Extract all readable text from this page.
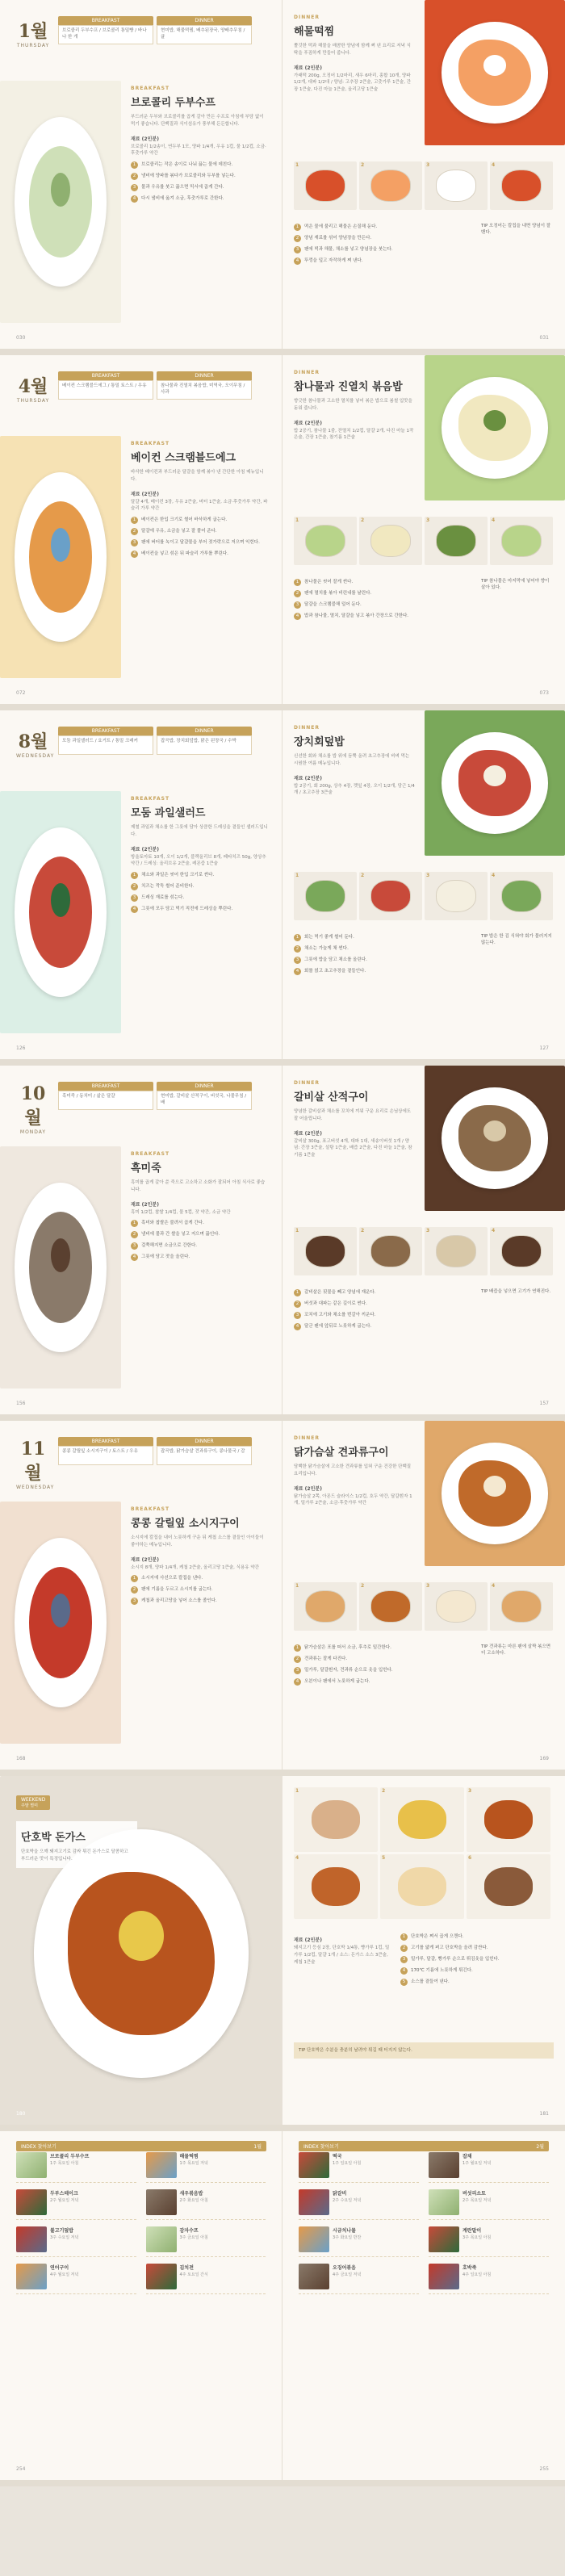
1월
THURSDAY
BREAKFAST
브로콜리 두부수프 / 브로콜리 통밀빵 / 바나나 한 개
DINNER
현미밥, 해물떡찜, 배추된장국, 양배추무침 / 귤
BREAKFAST
브로콜리 두부수프
부드러운 두부와 브로콜리를 곱게 갈아 만든 수프로 아침에 부담 없이 먹기 좋습니다. 단백질과 식이섬유가 풍부해 든든합니다.
재료 (2인분)
브로콜리 1/2송이, 연두부 1모, 양파 1/4개, 우유 1컵, 물 1/2컵, 소금·후춧가루 약간
1	브로콜리는 작은 송이로 나눠 끓는 물에 데친다.
2	냄비에 양파를 볶다가 브로콜리와 두부를 넣는다.
3	물과 우유를 붓고 끓으면 믹서에 곱게 간다.
4	다시 냄비에 옮겨 소금, 후춧가루로 간한다.
030
DINNER
해물떡찜
쫄깃한 떡과 해물을 매콤한 양념에 함께 쪄 낸 요리로 저녁 식탁을 푸짐하게 만들어 줍니다.
재료 (2인분)
가래떡 200g, 오징어 1/2마리, 새우 6마리, 홍합 10개, 양파 1/2개, 대파 1/2대 / 양념: 고추장 2큰술, 고춧가루 1큰술, 간장 1큰술, 다진 마늘 1큰술, 올리고당 1큰술
1	2	3	4
1	떡은 물에 불리고 해물은 손질해 둔다.
2	양념 재료를 섞어 양념장을 만든다.
3	팬에 떡과 해물, 채소를 넣고 양념장을 붓는다.
4	뚜껑을 덮고 자작하게 쪄 낸다.
TIP 오징어는 칼집을 내면 양념이 잘 밴다.
031
4월
THURSDAY
BREAKFAST
베이컨 스크램블드에그 / 통밀 토스트 / 우유
DINNER
참나물과 진열치 볶음밥, 미역국, 오이무침 / 사과
BREAKFAST
베이컨 스크램블드에그
바삭한 베이컨과 부드러운 달걀을 함께 볶아 낸 간단한 아침 메뉴입니다.
재료 (2인분)
달걀 4개, 베이컨 3장, 우유 2큰술, 버터 1큰술, 소금·후춧가루 약간, 파슬리 가루 약간
1	베이컨은 한입 크기로 썰어 바삭하게 굽는다.
2	달걀에 우유, 소금을 넣고 잘 풀어 준다.
3	팬에 버터를 녹이고 달걀물을 부어 젓가락으로 저으며 익힌다.
4	베이컨을 넣고 섞은 뒤 파슬리 가루를 뿌린다.
072
DINNER
참나물과 진열치 볶음밥
향긋한 참나물과 고소한 멸치를 넣어 볶은 밥으로 봄철 입맛을 돋워 줍니다.
재료 (2인분)
밥 2공기, 참나물 1줌, 잔멸치 1/2컵, 달걀 2개, 다진 마늘 1작은술, 간장 1큰술, 참기름 1큰술
1	2	3	4
1	참나물은 씻어 잘게 썬다.
2	팬에 멸치를 볶아 비린내를 날린다.
3	달걀을 스크램블해 덜어 둔다.
4	밥과 참나물, 멸치, 달걀을 넣고 볶아 간장으로 간한다.
TIP 참나물은 마지막에 넣어야 향이 살아 있다.
073
8월
WEDNESDAY
BREAKFAST
모둠 과일샐러드 / 요거트 / 통밀 크래커
DINNER
잡곡밥, 장치회덮밥, 맑은 된장국 / 수박
BREAKFAST
모둠 과일샐러드
제철 과일과 채소를 한 그릇에 담아 상큼한 드레싱을 곁들인 샐러드입니다.
재료 (2인분)
방울토마토 10개, 오이 1/2개, 블랙올리브 8개, 페타치즈 50g, 양상추 약간 / 드레싱: 올리브유 2큰술, 레몬즙 1큰술
1	채소와 과일은 씻어 한입 크기로 썬다.
2	치즈는 깍둑 썰어 준비한다.
3	드레싱 재료를 섞는다.
4	그릇에 모두 담고 먹기 직전에 드레싱을 뿌린다.
126
DINNER
장치회덮밥
신선한 회와 채소를 밥 위에 듬뿍 올려 초고추장에 비벼 먹는 시원한 여름 메뉴입니다.
재료 (2인분)
밥 2공기, 회 200g, 상추 4장, 깻잎 4장, 오이 1/2개, 당근 1/4개 / 초고추장 3큰술
1	2	3	4
1	회는 먹기 좋게 썰어 둔다.
2	채소는 가늘게 채 썬다.
3	그릇에 밥을 담고 채소를 올린다.
4	회를 얹고 초고추장을 곁들인다.
TIP 밥은 한 김 식혀야 회가 물러지지 않는다.
127
10월
MONDAY
BREAKFAST
흑미죽 / 동치미 / 삶은 달걀
DINNER
현미밥, 갈비살 산적구이, 버섯국, 나물무침 / 배
BREAKFAST
흑미죽
흑미를 곱게 갈아 쑨 죽으로 고소하고 소화가 잘되어 아침 식사로 좋습니다.
재료 (2인분)
흑미 1/2컵, 찹쌀 1/4컵, 물 5컵, 잣 약간, 소금 약간
1	흑미와 찹쌀은 불려서 곱게 간다.
2	냄비에 물과 간 쌀을 넣고 저으며 끓인다.
3	걸쭉해지면 소금으로 간한다.
4	그릇에 담고 잣을 올린다.
156
DINNER
갈비살 산적구이
양념한 갈비살과 채소를 꼬치에 끼워 구운 요리로 손님상에도 잘 어울립니다.
재료 (2인분)
갈비살 300g, 표고버섯 4개, 대파 1대, 새송이버섯 1개 / 양념: 간장 3큰술, 설탕 1큰술, 배즙 2큰술, 다진 마늘 1큰술, 참기름 1큰술
1	2	3	4
1	갈비살은 핏물을 빼고 양념에 재운다.
2	버섯과 대파는 같은 길이로 썬다.
3	꼬치에 고기와 채소를 번갈아 끼운다.
4	달군 팬에 앞뒤로 노릇하게 굽는다.
TIP 배즙을 넣으면 고기가 연해진다.
157
11월
WEDNESDAY
BREAKFAST
콩콩 갈릴잎 소시지구이 / 토스트 / 우유
DINNER
잡곡밥, 닭가슴살 견과류구이, 콩나물국 / 감
BREAKFAST
콩콩 갈릴잎 소시지구이
소시지에 칼집을 내어 노릇하게 구운 뒤 케첩 소스를 곁들인 아이들이 좋아하는 메뉴입니다.
재료 (2인분)
소시지 8개, 양파 1/4개, 케첩 2큰술, 올리고당 1큰술, 식용유 약간
1	소시지에 사선으로 칼집을 낸다.
2	팬에 기름을 두르고 소시지를 굽는다.
3	케첩과 올리고당을 넣어 소스를 졸인다.
168
DINNER
닭가슴살 견과류구이
담백한 닭가슴살에 고소한 견과류를 입혀 구운 건강한 단백질 요리입니다.
재료 (2인분)
닭가슴살 2쪽, 아몬드 슬라이스 1/2컵, 호두 약간, 달걀흰자 1개, 밀가루 2큰술, 소금·후춧가루 약간
1	2	3	4
1	닭가슴살은 포를 떠서 소금, 후추로 밑간한다.
2	견과류는 잘게 다진다.
3	밀가루, 달걀흰자, 견과류 순으로 옷을 입힌다.
4	오븐이나 팬에서 노릇하게 굽는다.
TIP 견과류는 마른 팬에 살짝 볶으면 더 고소하다.
169
WEEKEND
주말 별미
단호박 돈가스
단호박을 으깨 돼지고기로 감싸 튀긴 돈가스로 달콤하고 부드러운 맛이 특징입니다.
180
1	2	3
4	5	6
재료 (2인분)
돼지고기 등심 2장, 단호박 1/4통, 빵가루 1컵, 밀가루 1/2컵, 달걀 1개 / 소스: 돈가스 소스 3큰술, 케첩 1큰술
1	단호박은 쪄서 곱게 으깬다.
2	고기를 얇게 펴고 단호박을 올려 감싼다.
3	밀가루, 달걀, 빵가루 순으로 튀김옷을 입힌다.
4	170℃ 기름에 노릇하게 튀긴다.
5	소스를 곁들여 낸다.
TIP 단호박은 수분을 충분히 날려야 튀길 때 터지지 않는다.
181
INDEX 찾아보기	1월
브로콜리 두부수프
1주 목요일 아침
해물떡찜
1주 목요일 저녁
두부스테이크
2주 월요일 저녁
새우볶음밥
2주 화요일 아침
불고기덮밥
3주 수요일 저녁
감자수프
3주 금요일 아침
연어구이
4주 월요일 저녁
김치전
4주 토요일 간식
254
INDEX 찾아보기	2월
떡국
1주 일요일 아침
잡채
1주 월요일 저녁
닭갈비
2주 수요일 저녁
버섯리소토
2주 목요일 저녁
시금치나물
3주 화요일 반찬
계란말이
3주 목요일 아침
오징어볶음
4주 금요일 저녁
호박죽
4주 일요일 아침
255
